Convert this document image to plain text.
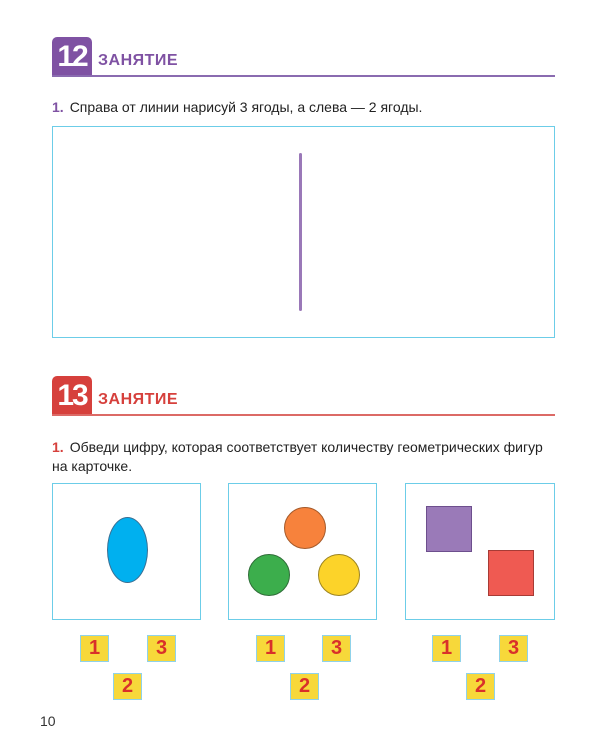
12 ЗАНЯТИЕ
1. Справа от линии нарисуй 3 ягоды, а слева — 2 ягоды.
13 ЗАНЯТИЕ
1. Обведи цифру, которая соответствует количеству геометрических фигур на карточке.
1	3
2
1	3
2
1	3
2
10
